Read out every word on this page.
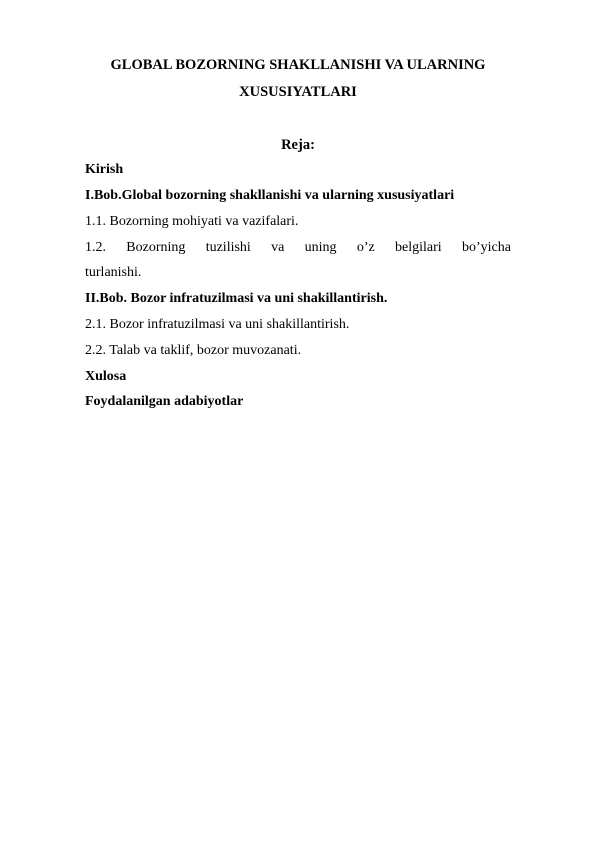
GLOBAL BOZORNING SHAKLLANISHI VA ULARNING

XUSUSIYATLARI

Reja:

Kirish

I.Bob.Global bozorning shakllanishi va ularning xususiyatlari

1.1. Bozorning mohiyati va vazifalari.

1.2. Bozorning tuzilishi va uning o’z belgilari bo’yicha

turlanishi.

II.Bob. Bozor infratuzilmasi va uni shakillantirish.

2.1. Bozor infratuzilmasi va uni shakillantirish.

2.2. Talab va taklif, bozor muvozanati.

Xulosa

Foydalanilgan adabiyotlar
